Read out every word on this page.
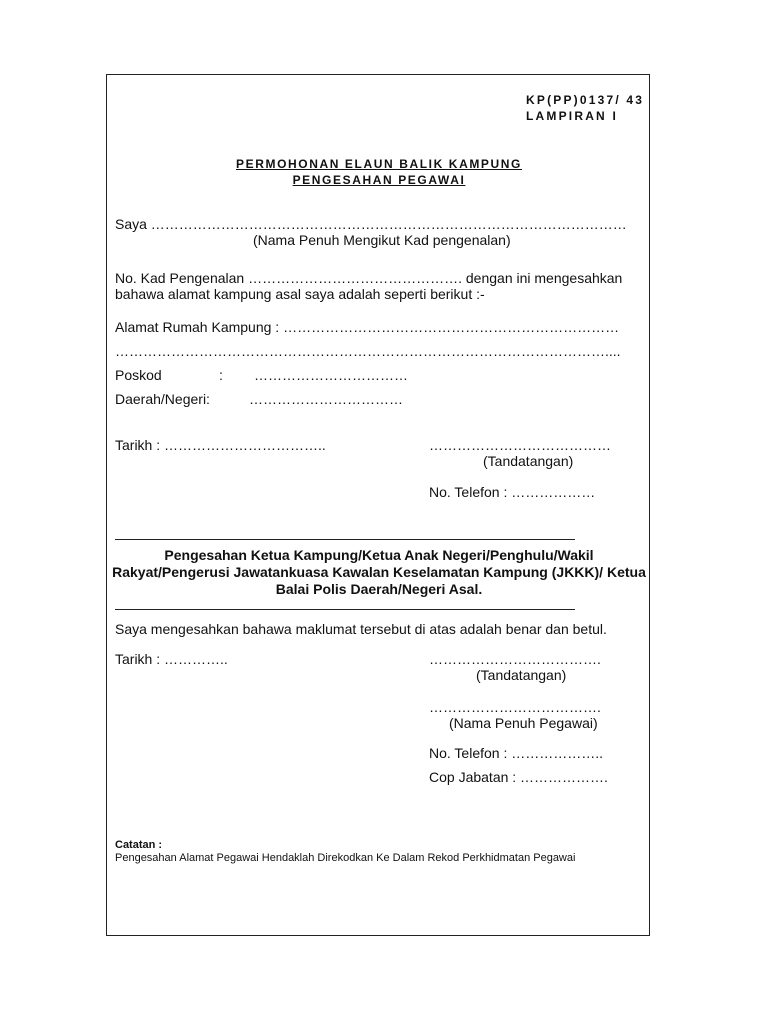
KP(PP)0137/ 43
LAMPIRAN I
PERMOHONAN ELAUN BALIK KAMPUNG
PENGESAHAN PEGAWAI
Saya …………………………………………………………………………………………
(Nama Penuh Mengikut Kad pengenalan)
No. Kad Pengenalan ………………………………………. dengan ini mengesahkan
bahawa alamat kampung asal saya adalah seperti berikut :-
Alamat Rumah Kampung : ………………………………………………………………
……………………………………………………………………………………………....
Poskod	: ……………………………
Daerah/Negeri:	……………………………
Tarikh : ……………………………..	…………………………………
(Tandatangan)
No. Telefon : ………………
Pengesahan Ketua Kampung/Ketua Anak Negeri/Penghulu/Wakil
Rakyat/Pengerusi Jawatankuasa Kawalan Keselamatan Kampung (JKKK)/ Ketua
Balai Polis Daerah/Negeri Asal.
Saya mengesahkan bahawa maklumat tersebut di atas adalah benar dan betul.
Tarikh : …………..	……………………………….
(Tandatangan)
……………………………….
(Nama Penuh Pegawai)
No. Telefon : ………………..
Cop Jabatan : ……………….
Catatan :
Pengesahan Alamat Pegawai Hendaklah Direkodkan Ke Dalam Rekod Perkhidmatan Pegawai
